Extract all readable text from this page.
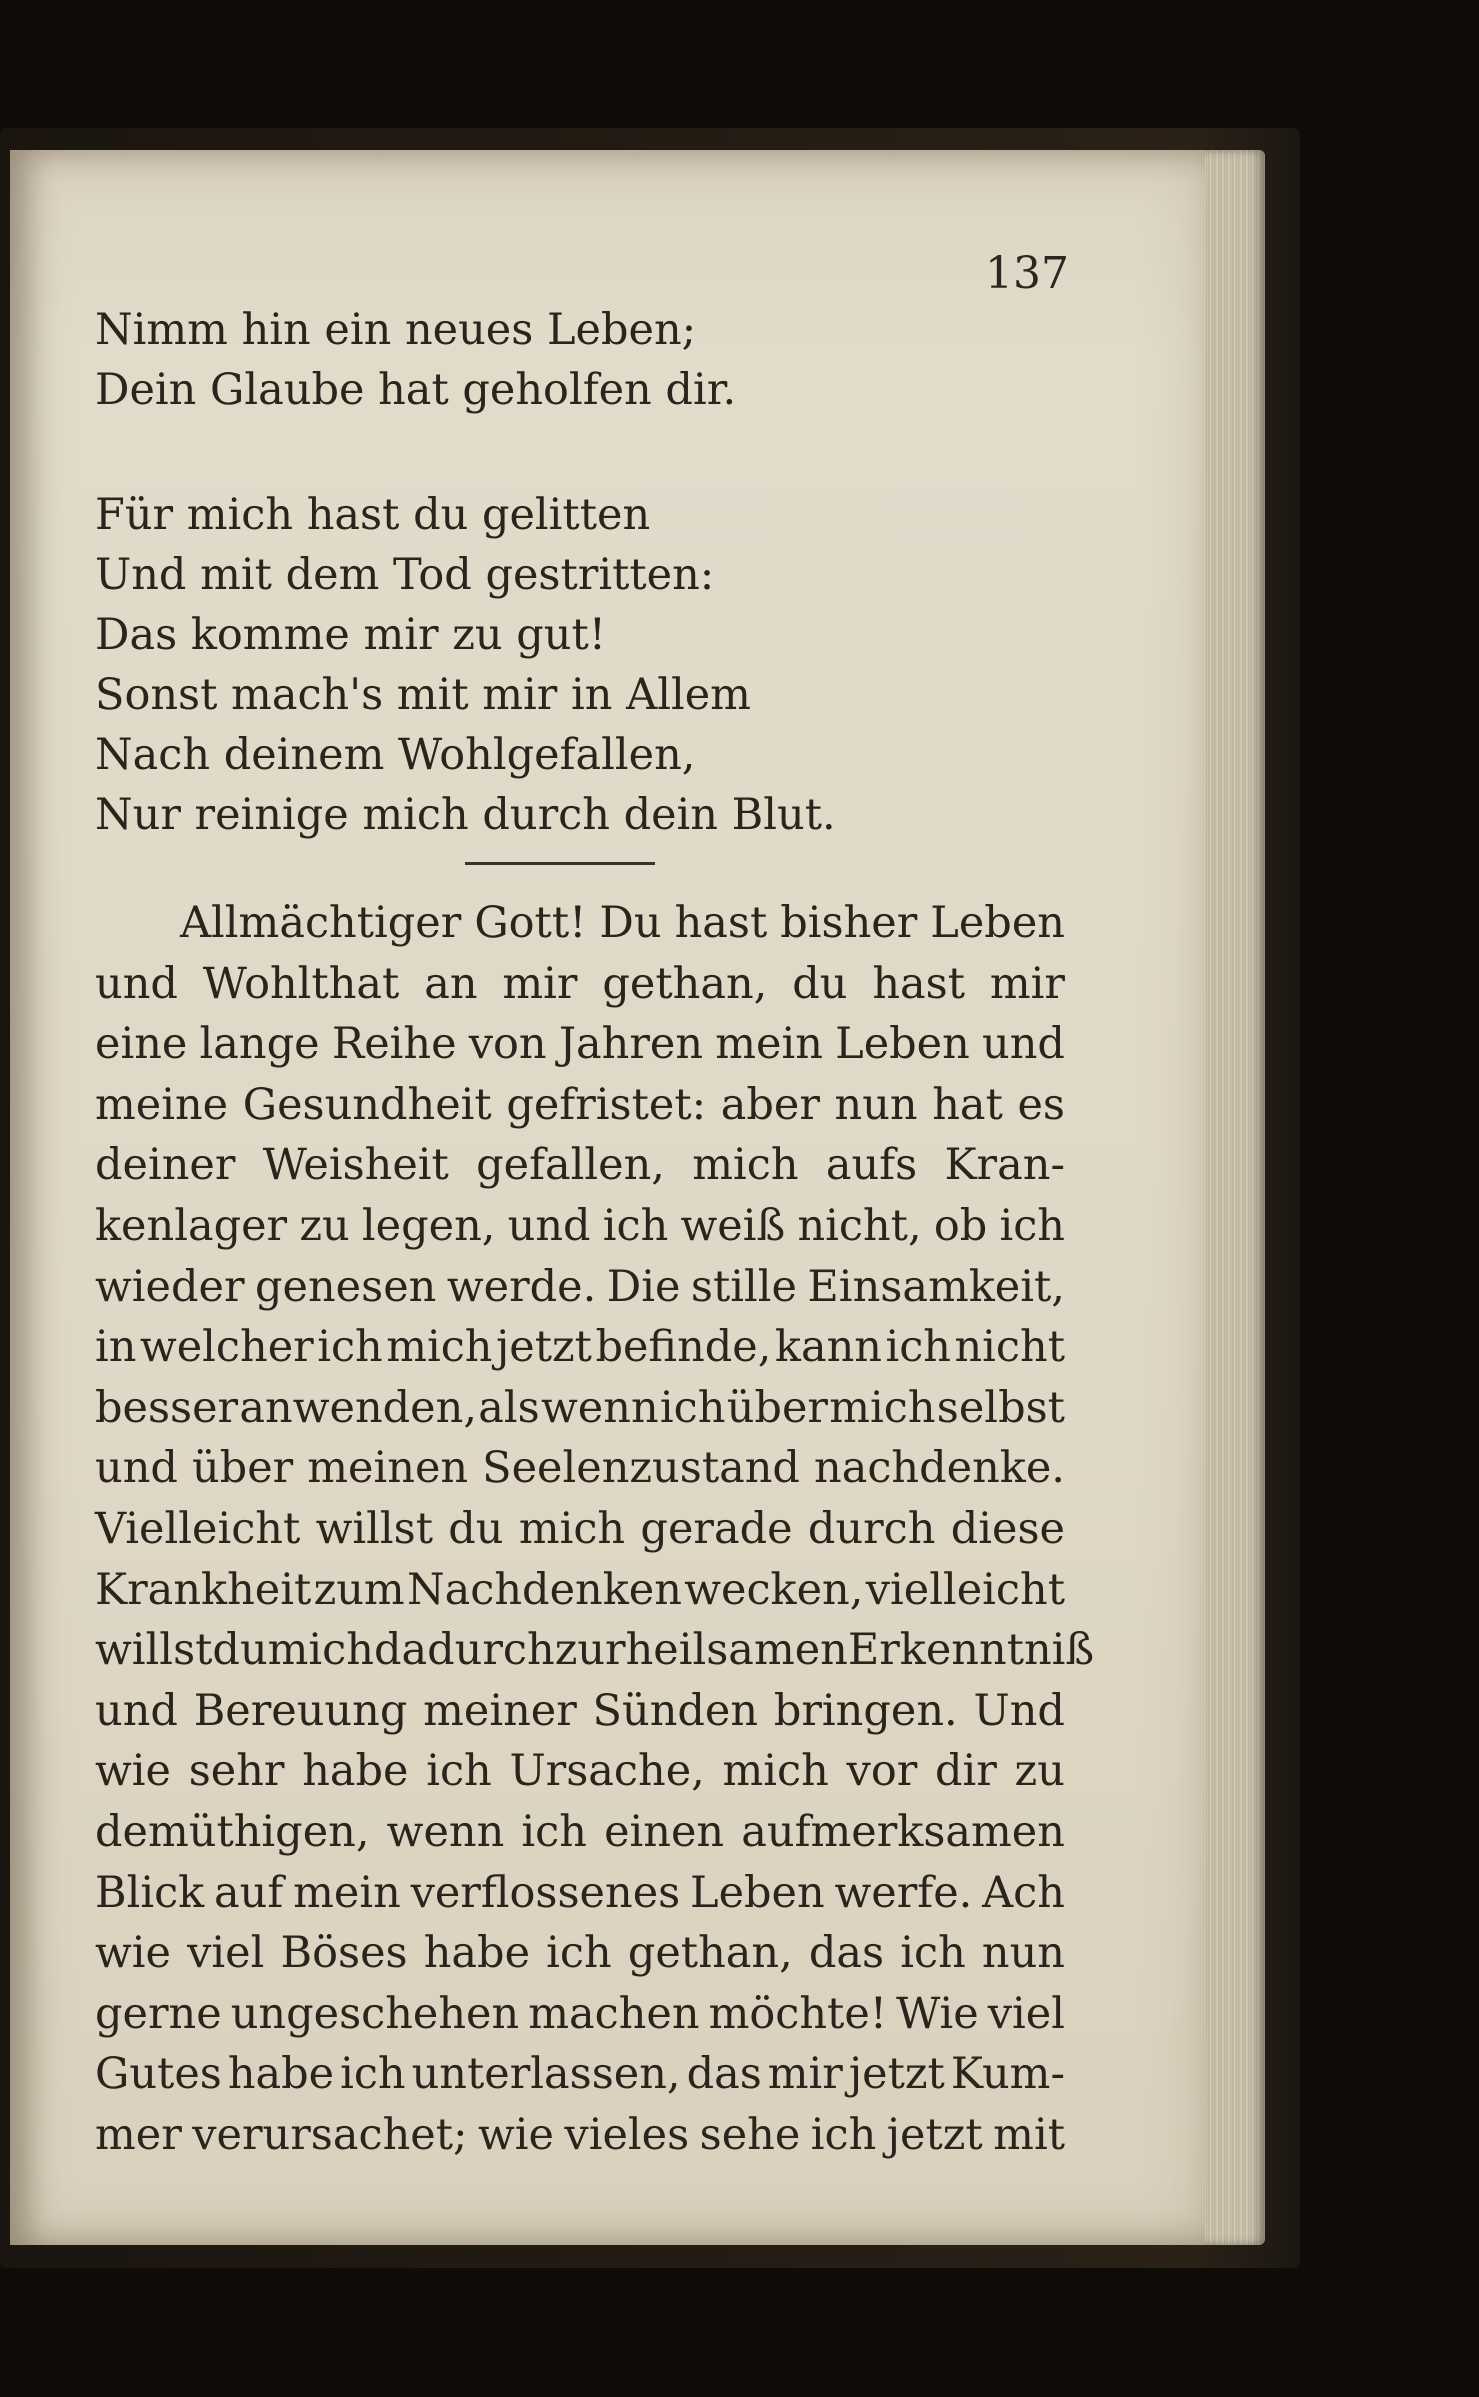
137
Nimm hin ein neues Leben;
Dein Glaube hat geholfen dir.
Für mich hast du gelitten
Und mit dem Tod gestritten:
Das komme mir zu gut!
Sonst mach's mit mir in Allem
Nach deinem Wohlgefallen,
Nur reinige mich durch dein Blut.
Allmächtiger Gott! Du hast bisher Leben
und Wohlthat an mir gethan, du hast mir
eine lange Reihe von Jahren mein Leben und
meine Gesundheit gefristet: aber nun hat es
deiner Weisheit gefallen, mich aufs Kran-
kenlager zu legen, und ich weiß nicht, ob ich
wieder genesen werde. Die stille Einsamkeit,
in welcher ich mich jetzt befinde, kann ich nicht
besser anwenden, als wenn ich über mich selbst
und über meinen Seelenzustand nachdenke.
Vielleicht willst du mich gerade durch diese
Krankheit zum Nachdenken wecken, vielleicht
willst du mich dadurch zur heilsamen Erkenntniß
und Bereuung meiner Sünden bringen. Und
wie sehr habe ich Ursache, mich vor dir zu
demüthigen, wenn ich einen aufmerksamen
Blick auf mein verflossenes Leben werfe. Ach
wie viel Böses habe ich gethan, das ich nun
gerne ungeschehen machen möchte! Wie viel
Gutes habe ich unterlassen, das mir jetzt Kum-
mer verursachet; wie vieles sehe ich jetzt mit
